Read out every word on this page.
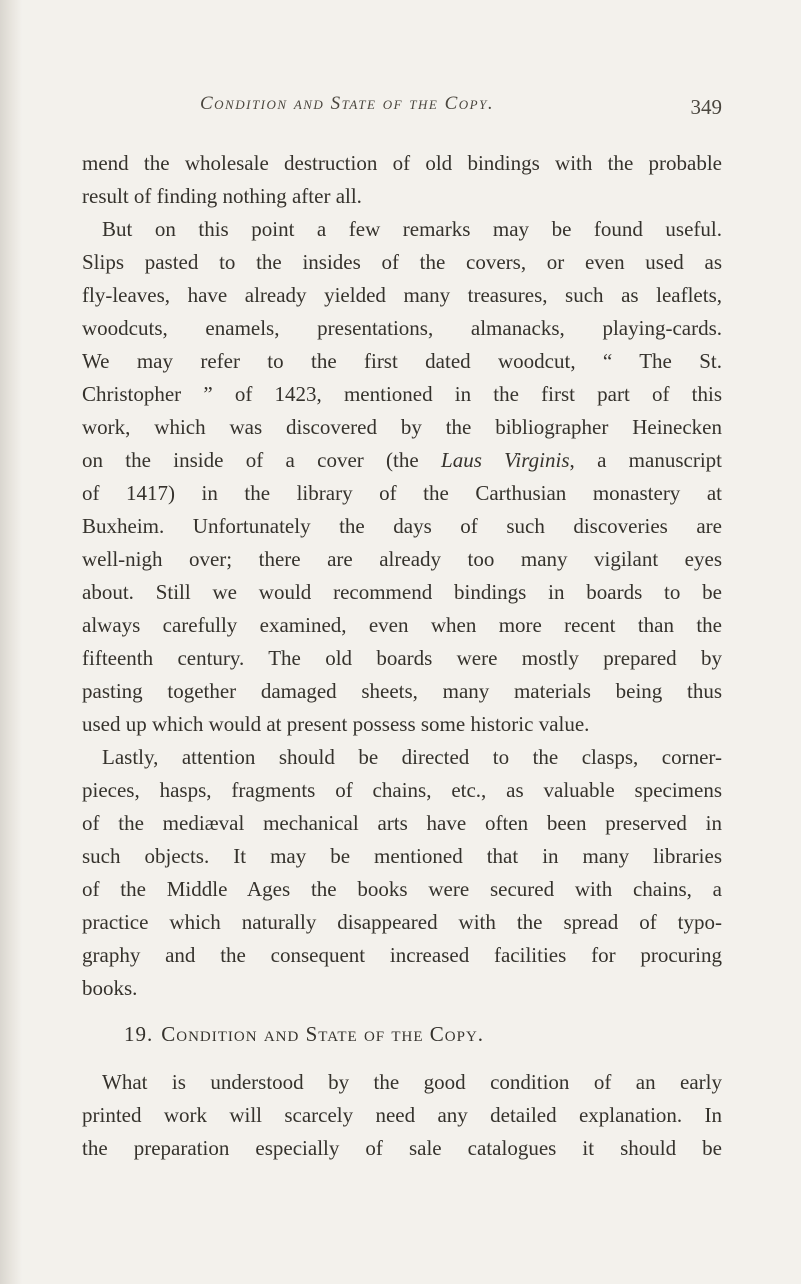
Condition and State of the Copy.	349
mend the wholesale destruction of old bindings with the probable
result of finding nothing after all.
But on this point a few remarks may be found useful.
Slips pasted to the insides of the covers, or even used as
fly-leaves, have already yielded many treasures, such as leaflets,
woodcuts, enamels, presentations, almanacks, playing-cards.
We may refer to the first dated woodcut, “ The St.
Christopher ” of 1423, mentioned in the first part of this
work, which was discovered by the bibliographer Heinecken
on the inside of a cover (the Laus Virginis, a manuscript
of 1417) in the library of the Carthusian monastery at
Buxheim. Unfortunately the days of such discoveries are
well-nigh over; there are already too many vigilant eyes
about. Still we would recommend bindings in boards to be
always carefully examined, even when more recent than the
fifteenth century. The old boards were mostly prepared by
pasting together damaged sheets, many materials being thus
used up which would at present possess some historic value.
Lastly, attention should be directed to the clasps, corner-
pieces, hasps, fragments of chains, etc., as valuable specimens
of the mediæval mechanical arts have often been preserved in
such objects. It may be mentioned that in many libraries
of the Middle Ages the books were secured with chains, a
practice which naturally disappeared with the spread of typo-
graphy and the consequent increased facilities for procuring
books.
19. Condition and State of the Copy.
What is understood by the good condition of an early
printed work will scarcely need any detailed explanation. In
the preparation especially of sale catalogues it should be
